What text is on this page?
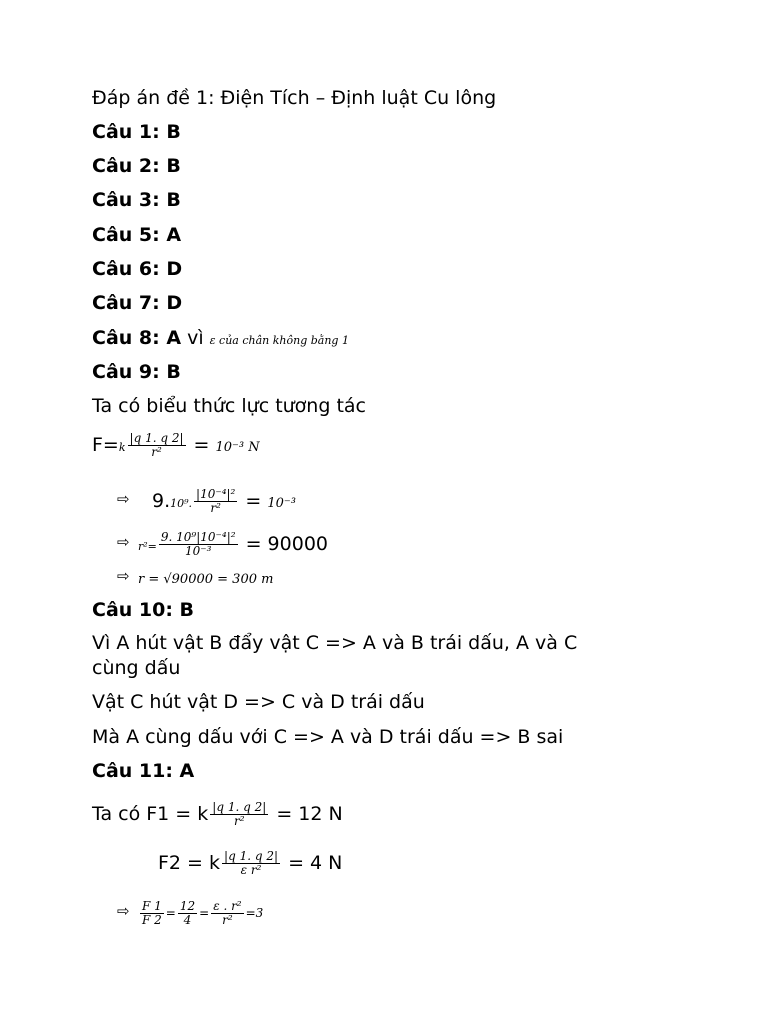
Đáp án đề 1: Điện Tích – Định luật Cu lông
Câu 1: B
Câu 2: B
Câu 3: B
Câu 5: A
Câu 6: D
Câu 7: D
Câu 8: A vì ε của chân không bằng 1
Câu 9: B
Ta có biểu thức lực tương tác
$F=k \frac{|q 1. q 2|}{\text{r²}} = 10^{-3}$ N
⇨ 9.10⁹. $\frac{\text{|10⁻⁴|²}}{\text{r²}} = 10^{-3}$
⇨ $r^2= \frac{\text{9. 10⁹|10⁻⁴|²}}{\text{10⁻³}} = 90000$
⇨ r = √90000 = 300 m
Câu 10: B
Vì A hút vật B đẩy vật C => A và B trái dấu, A và C
cùng dấu
Vật C hút vật D => C và D trái dấu
Mà A cùng dấu với C => A và D trái dấu => B sai
Câu 11: A
Ta có F1 = k $\frac{|q 1. q 2|}{\text{r²}} = 12$ N
F2 = k $\frac{|q 1. q 2|}{\text{ε r²}} = 4$ N
⇨ $\frac{F 1}{F 2} = \frac{12}{4} = \frac{\text{ε . r²}}{\text{r²}} =3$
